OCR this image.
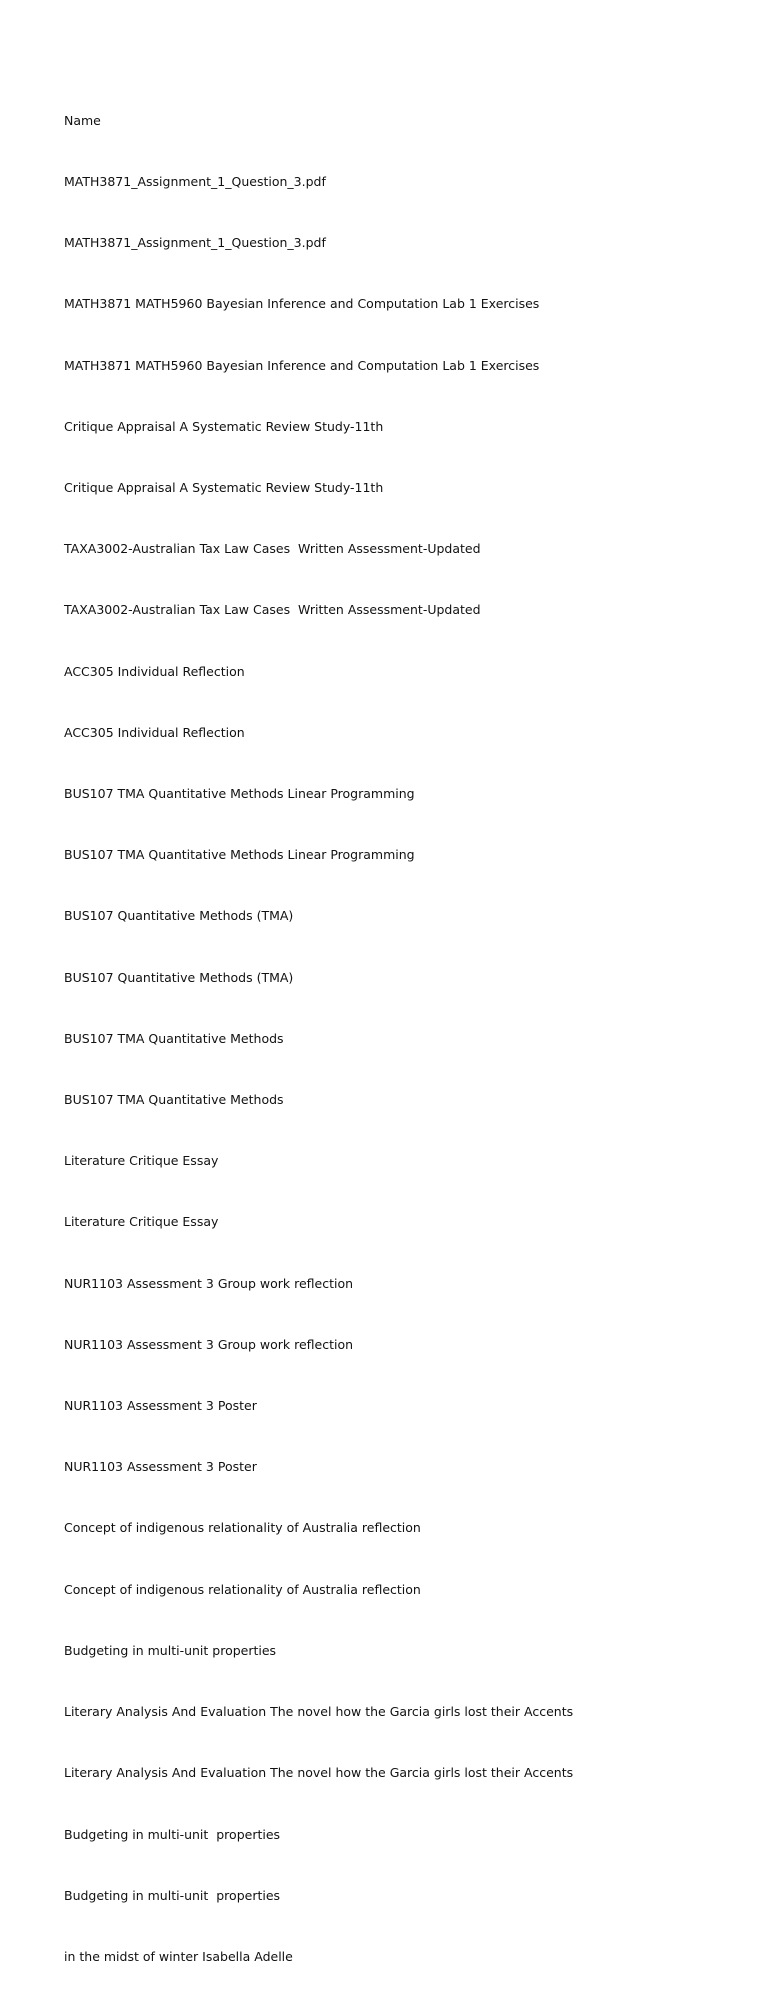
Name

MATH3871_Assignment_1_Question_3.pdf

MATH3871_Assignment_1_Question_3.pdf

MATH3871 MATH5960 Bayesian Inference and Computation Lab 1 Exercises

MATH3871 MATH5960 Bayesian Inference and Computation Lab 1 Exercises

Critique Appraisal A Systematic Review Study-11th

Critique Appraisal A Systematic Review Study-11th

TAXA3002-Australian Tax Law Cases  Written Assessment-Updated

TAXA3002-Australian Tax Law Cases  Written Assessment-Updated

ACC305 Individual Reflection

ACC305 Individual Reflection

BUS107 TMA Quantitative Methods Linear Programming

BUS107 TMA Quantitative Methods Linear Programming

BUS107 Quantitative Methods (TMA)

BUS107 Quantitative Methods (TMA)

BUS107 TMA Quantitative Methods

BUS107 TMA Quantitative Methods

Literature Critique Essay

Literature Critique Essay

NUR1103 Assessment 3 Group work reflection

NUR1103 Assessment 3 Group work reflection

NUR1103 Assessment 3 Poster

NUR1103 Assessment 3 Poster

Concept of indigenous relationality of Australia reflection

Concept of indigenous relationality of Australia reflection

Budgeting in multi-unit properties

Literary Analysis And Evaluation The novel how the Garcia girls lost their Accents

Literary Analysis And Evaluation The novel how the Garcia girls lost their Accents

Budgeting in multi-unit  properties

Budgeting in multi-unit  properties

in the midst of winter Isabella Adelle
